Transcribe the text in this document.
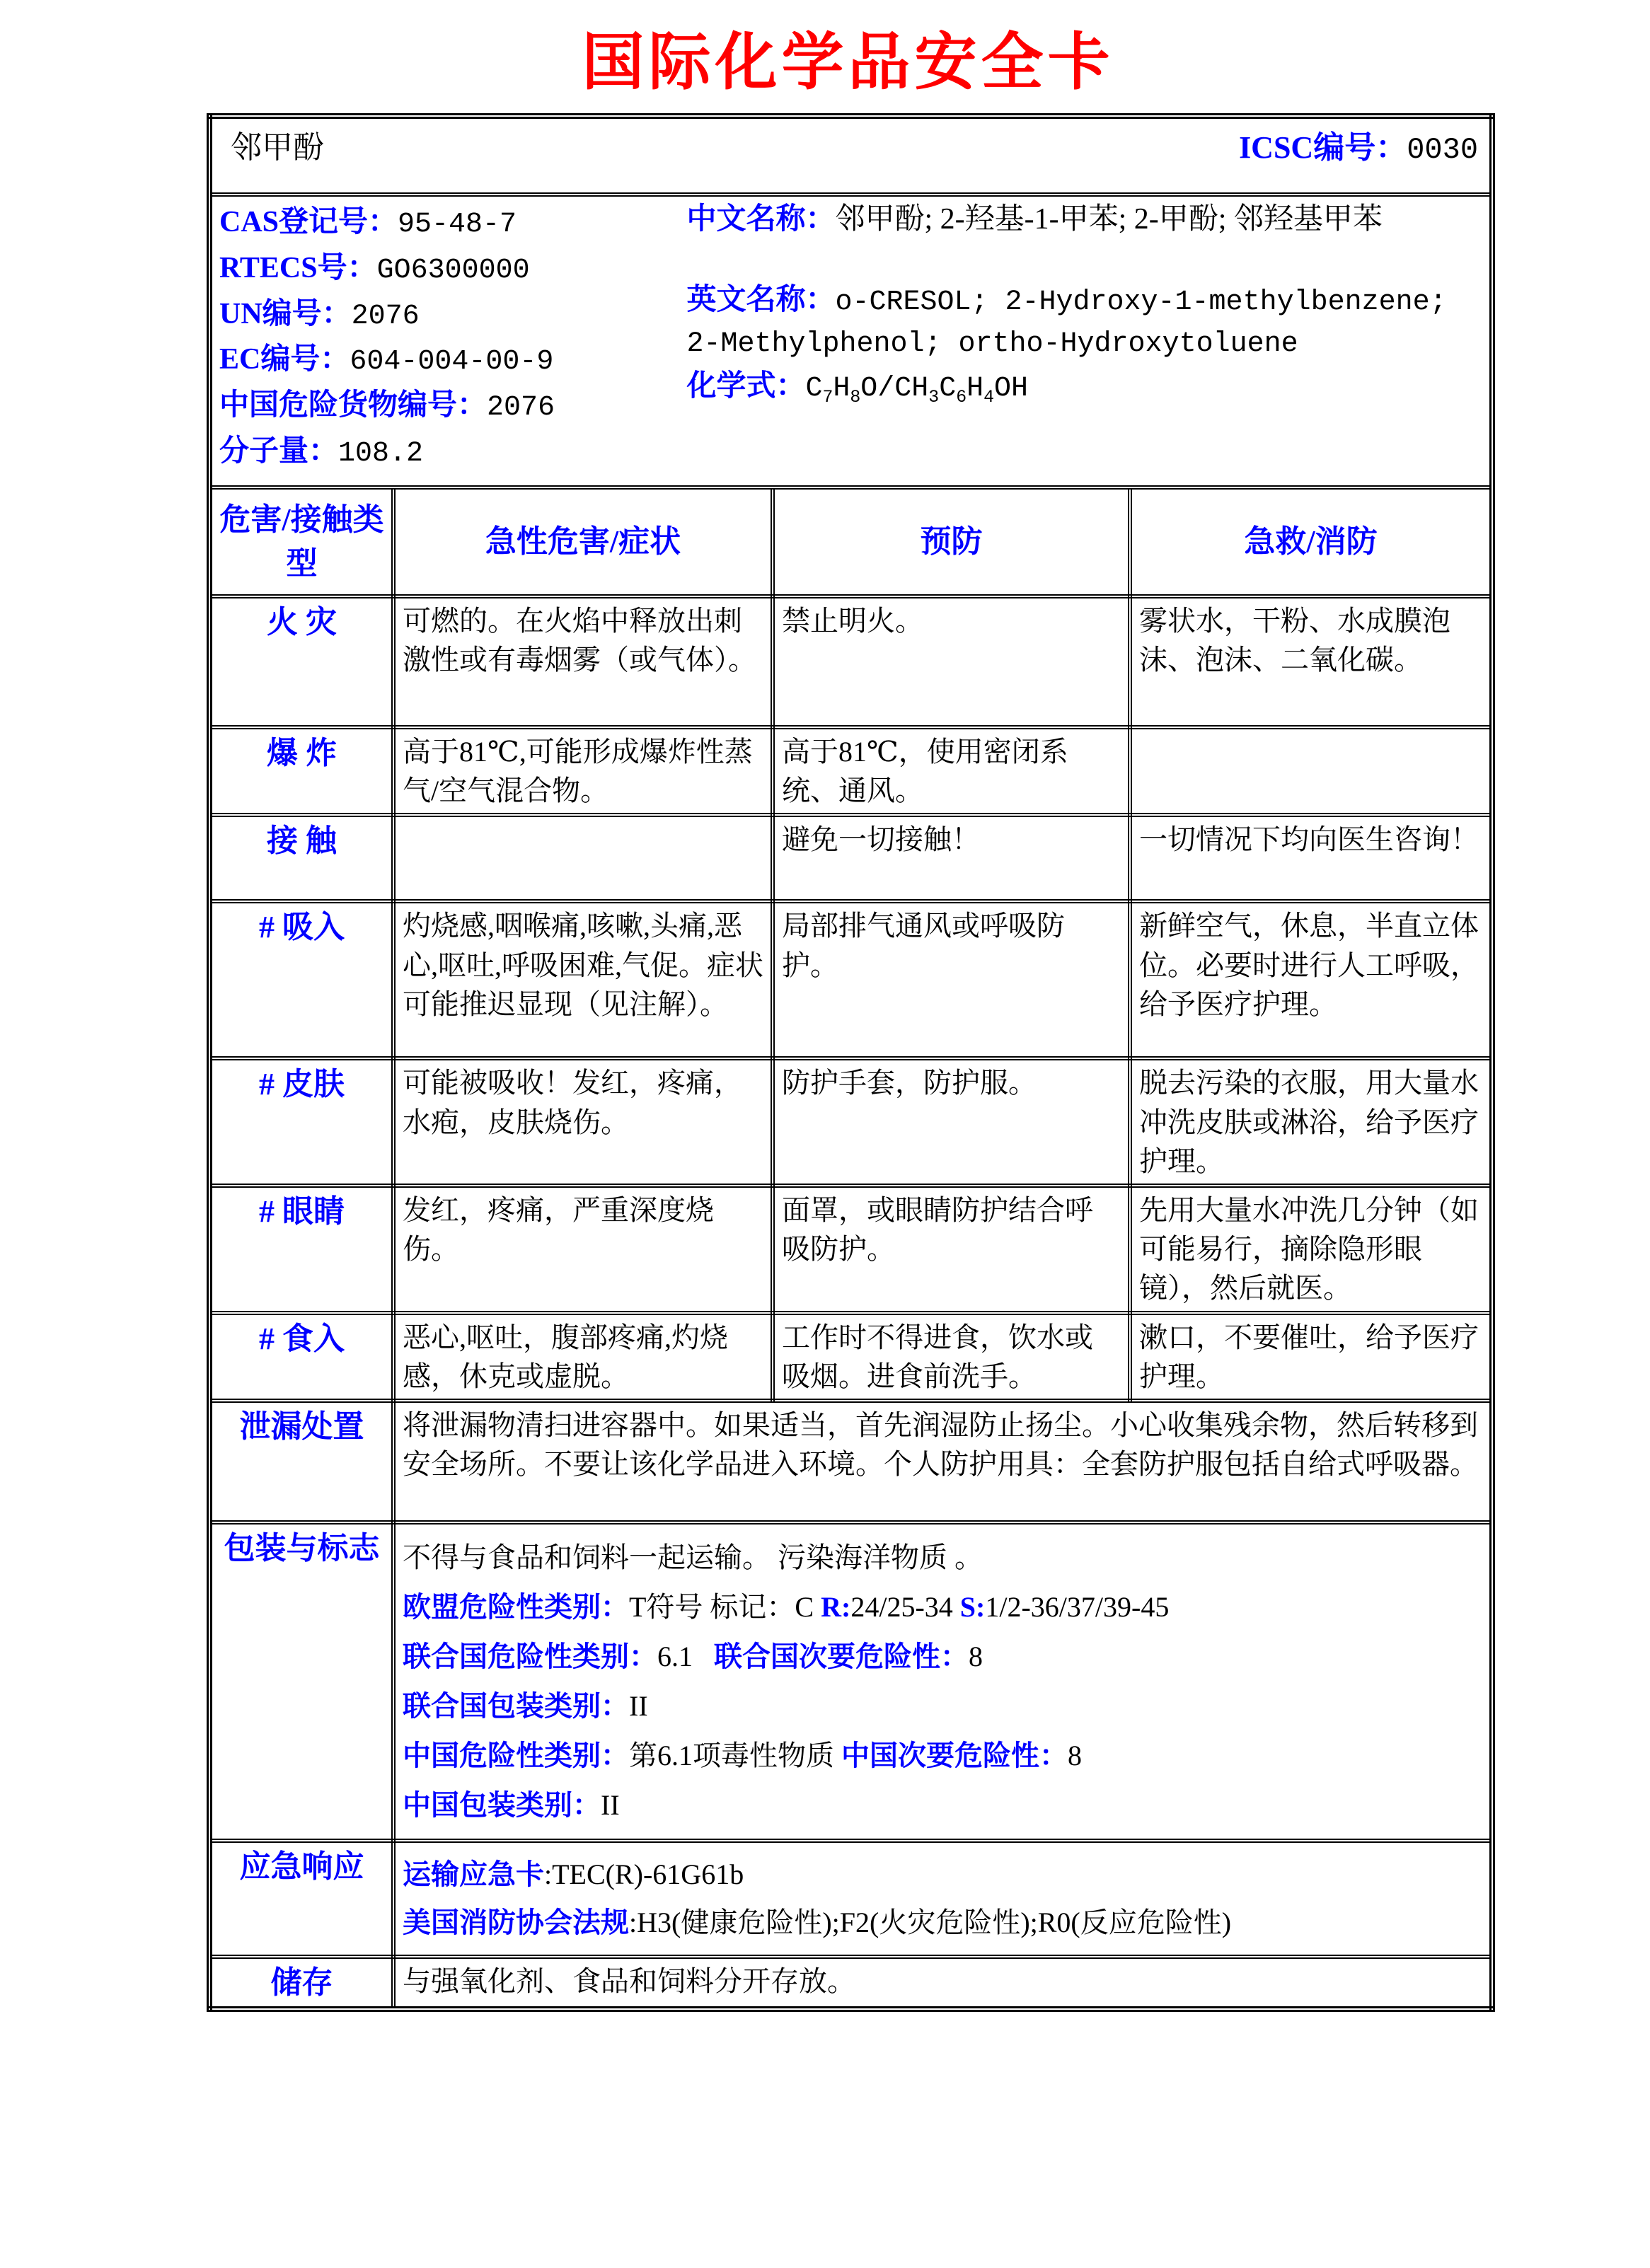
国际化学品安全卡
邻甲酚 ICSC编号：0030			

CAS登记号：95-48-7
RTECS号：GO6300000
UN编号：2076
EC编号：604-004-00-9
中国危险货物编号：2076
分子量：108.2
中文名称：邻甲酚; 2-羟基-1-甲苯; 2-甲酚; 邻羟基甲苯
英文名称：o-CRESOL; 2-Hydroxy-1-methylbenzene; 2-Methylphenol; ortho-Hydroxytoluene
化学式：$C_7H_8O/CH_3C_6H_4OH$

危害/接触类型	急性危害/症状	预防	急救/消防
火 灾	可燃的。在火焰中释放出刺激性或有毒烟雾（或气体）。	禁止明火。	雾状水，干粉、水成膜泡沫、泡沫、二氧化碳。
爆 炸	高于81℃,可能形成爆炸性蒸气/空气混合物。	高于81℃，使用密闭系统、通风。	
接 触		避免一切接触！	一切情况下均向医生咨询！
# 吸入	灼烧感,咽喉痛,咳嗽,头痛,恶心,呕吐,呼吸困难,气促。症状可能推迟显现（见注解）。	局部排气通风或呼吸防护。	新鲜空气，休息，半直立体位。必要时进行人工呼吸，给予医疗护理。
# 皮肤	可能被吸收！发红，疼痛，水疱，皮肤烧伤。	防护手套，防护服。	脱去污染的衣服，用大量水冲洗皮肤或淋浴，给予医疗护理。
# 眼睛	发红，疼痛，严重深度烧伤。	面罩，或眼睛防护结合呼吸防护。	先用大量水冲洗几分钟（如可能易行，摘除隐形眼镜），然后就医。
# 食入	恶心,呕吐，腹部疼痛,灼烧感，休克或虚脱。	工作时不得进食，饮水或吸烟。进食前洗手。	漱口，不要催吐，给予医疗护理。
泄漏处置	将泄漏物清扫进容器中。如果适当，首先润湿防止扬尘。小心收集残余物，然后转移到安全场所。不要让该化学品进入环境。个人防护用具：全套防护服包括自给式呼吸器。		
包装与标志	不得与食品和饲料一起运输。 污染海洋物质 。
欧盟危险性类别：T符号 标记：C R:24/25-34 S:1/2-36/37/39-45
联合国危险性类别：6.1   联合国次要危险性：8
联合国包装类别：II
中国危险性类别：第6.1项毒性物质 中国次要危险性：8
中国包装类别：II

应急响应	运输应急卡:TEC(R)-61G61b
美国消防协会法规:H3(健康危险性);F2(火灾危险性);R0(反应危险性)		

储存	与强氧化剂、食品和饲料分开存放。		
